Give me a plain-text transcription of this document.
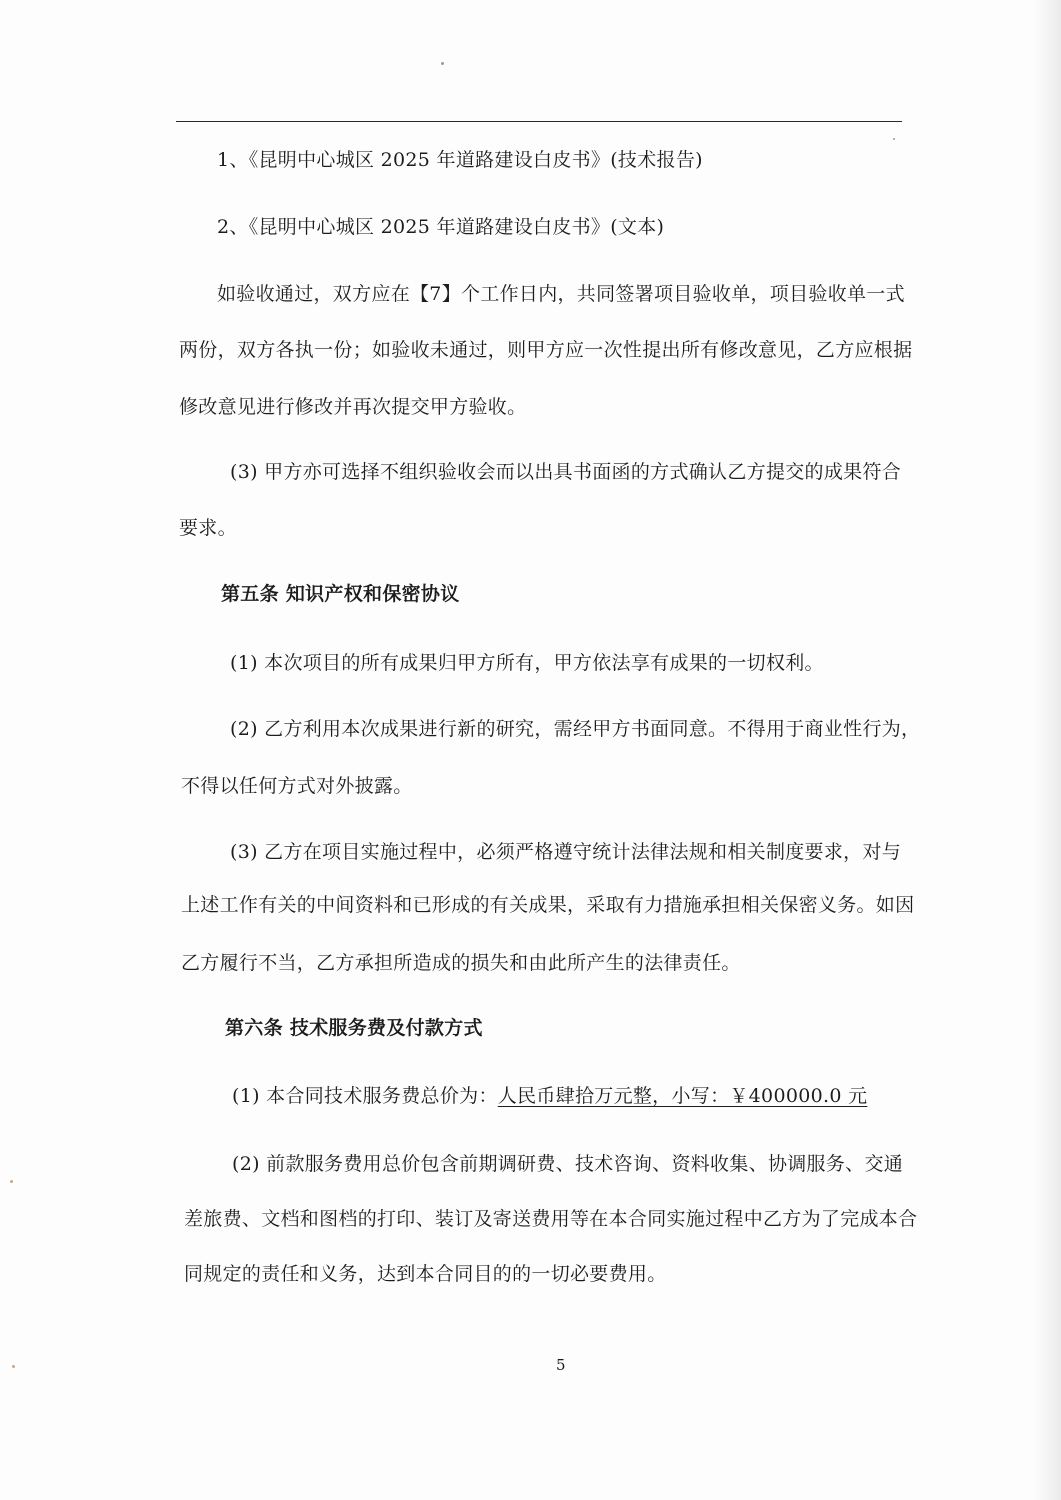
1、《昆明中心城区 2025 年道路建设白皮书》(技术报告)
2、《昆明中心城区 2025 年道路建设白皮书》(文本)
如验收通过，双方应在【7】个工作日内，共同签署项目验收单，项目验收单一式
两份，双方各执一份；如验收未通过，则甲方应一次性提出所有修改意见，乙方应根据
修改意见进行修改并再次提交甲方验收。
(3) 甲方亦可选择不组织验收会而以出具书面函的方式确认乙方提交的成果符合
要求。
第五条 知识产权和保密协议
(1) 本次项目的所有成果归甲方所有，甲方依法享有成果的一切权利。
(2) 乙方利用本次成果进行新的研究，需经甲方书面同意。不得用于商业性行为，
不得以任何方式对外披露。
(3) 乙方在项目实施过程中，必须严格遵守统计法律法规和相关制度要求，对与
上述工作有关的中间资料和已形成的有关成果，采取有力措施承担相关保密义务。如因
乙方履行不当，乙方承担所造成的损失和由此所产生的法律责任。
第六条 技术服务费及付款方式
(1) 本合同技术服务费总价为：人民币肆拾万元整，小写：￥400000.0 元
(2) 前款服务费用总价包含前期调研费、技术咨询、资料收集、协调服务、交通
差旅费、文档和图档的打印、装订及寄送费用等在本合同实施过程中乙方为了完成本合
同规定的责任和义务，达到本合同目的的一切必要费用。
5
